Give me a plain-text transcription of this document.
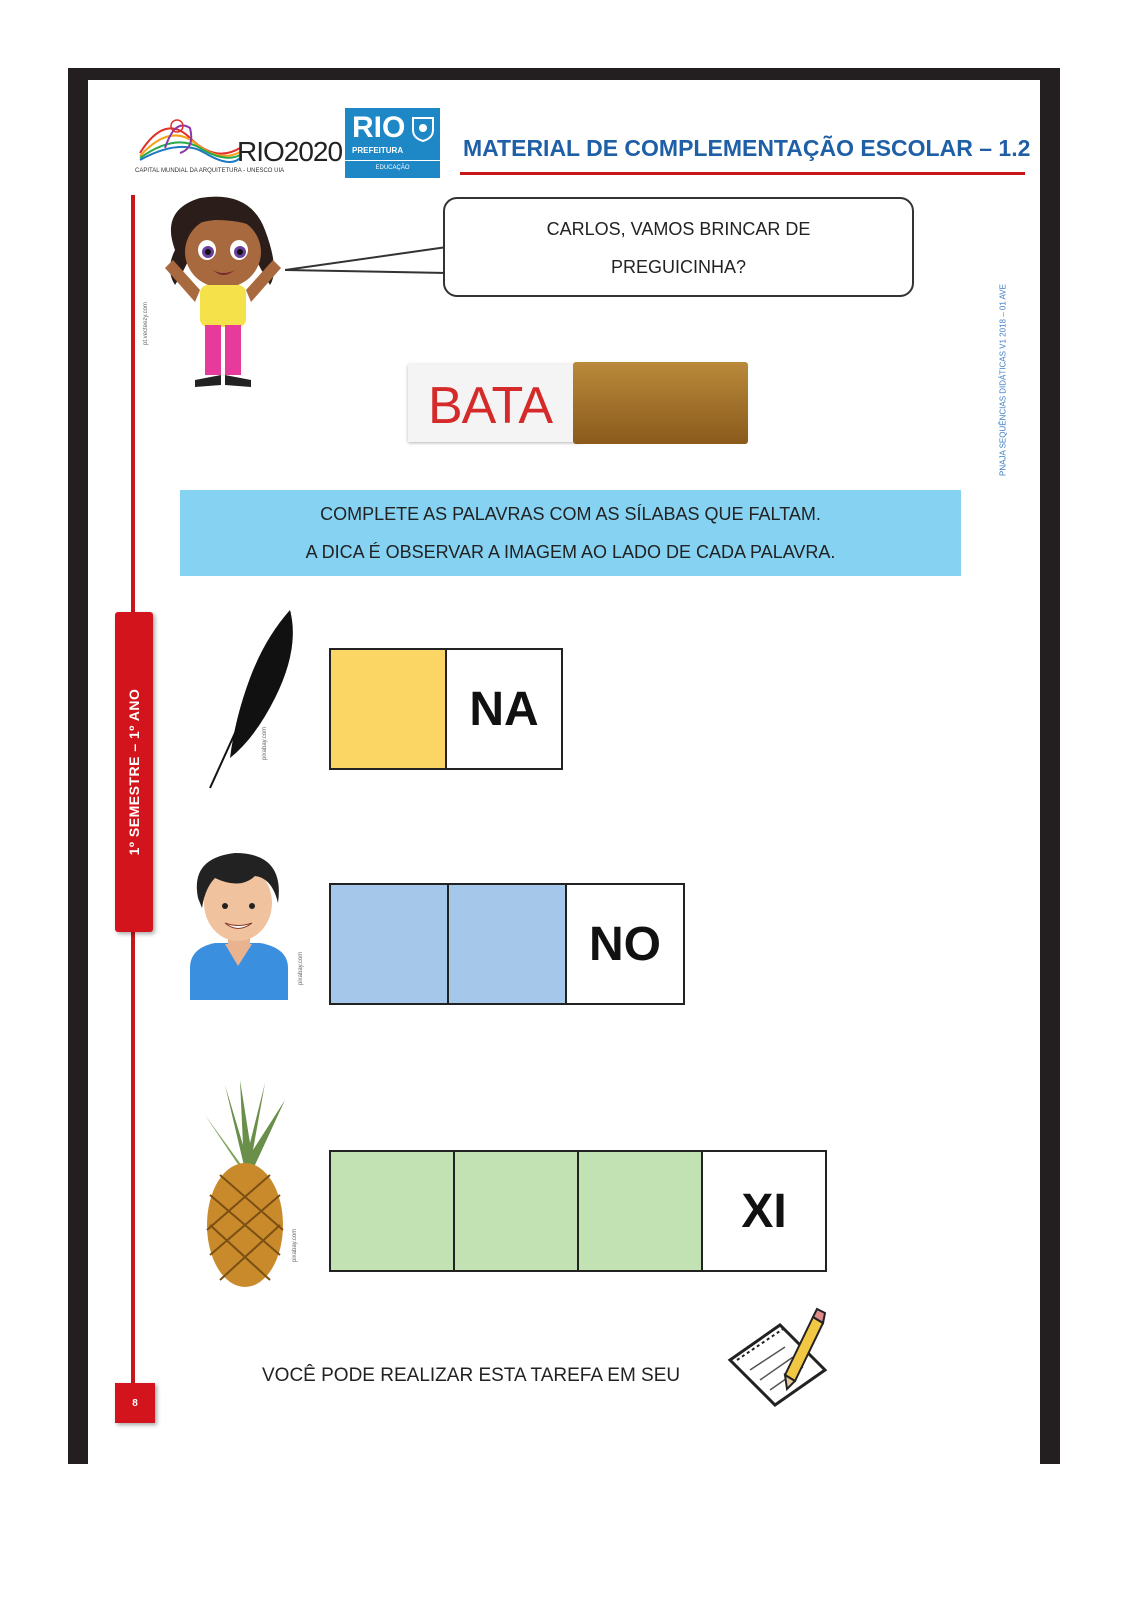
RIO2020
CAPITAL MUNDIAL DA ARQUITETURA - UNESCO UIA
RIO
PREFEITURA
EDUCAÇÃO
MATERIAL DE COMPLEMENTAÇÃO ESCOLAR – 1.2
1º SEMESTRE – 1º ANO
8
PNAJA SEQUÊNCIAS DIDÁTICAS V1 2018 – 01 AVE
pt.vecteezy.com
CARLOS, VAMOS BRINCAR DE
PREGUICINHA?
BATA
COMPLETE AS PALAVRAS COM AS SÍLABAS QUE FALTAM.
A DICA É OBSERVAR A IMAGEM AO LADO DE CADA PALAVRA.
pixabay.com
NA
pixabay.com	NO
pixabay.com
XI
VOCÊ PODE REALIZAR ESTA TAREFA EM SEU
